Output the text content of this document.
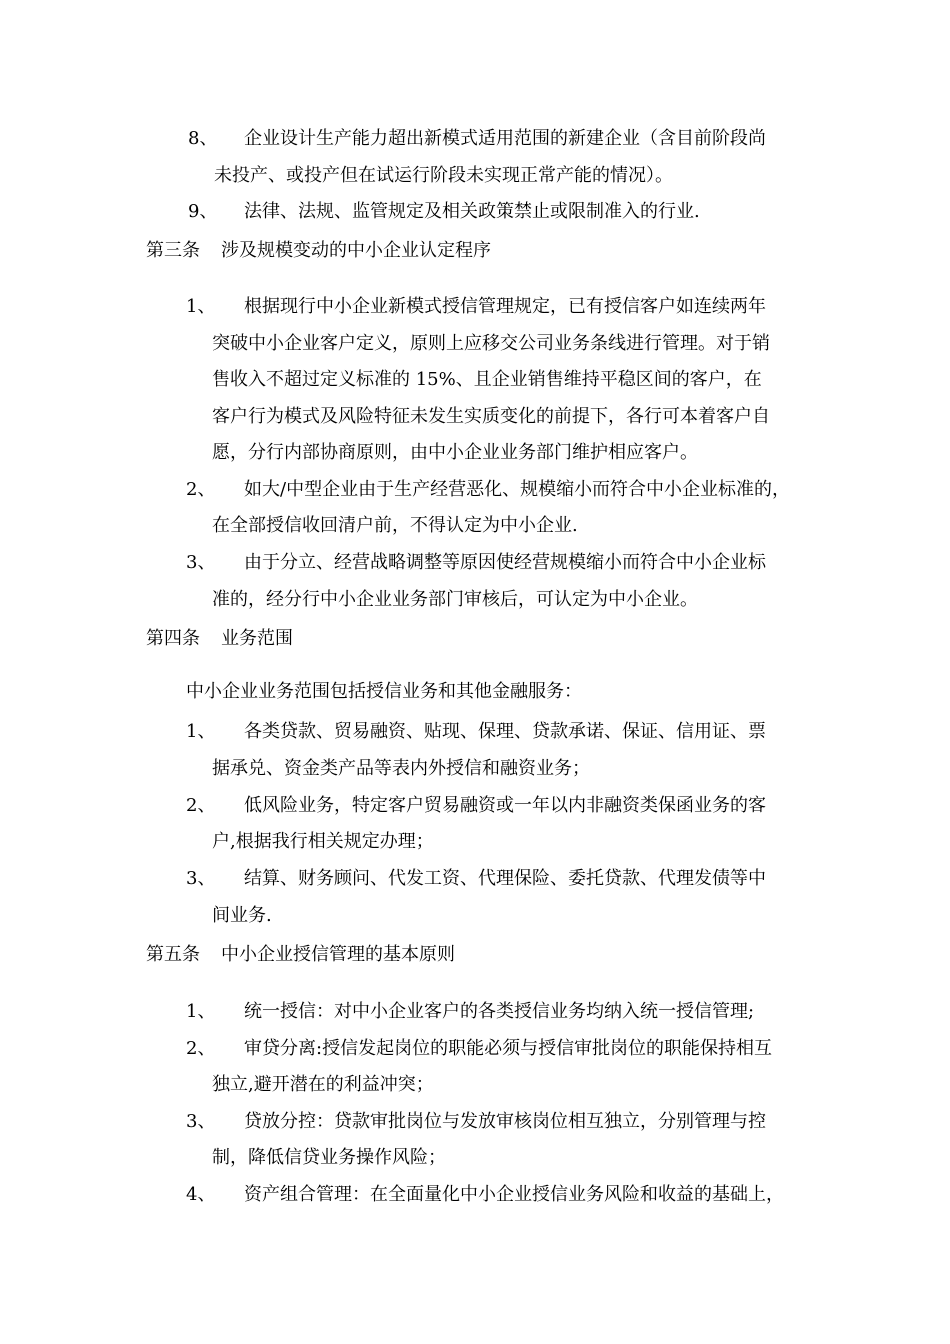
8、 企业设计生产能力超出新模式适用范围的新建企业（含目前阶段尚
未投产、或投产但在试运行阶段未实现正常产能的情况）。
9、 法律、法规、监管规定及相关政策禁止或限制准入的行业.
第三条 涉及规模变动的中小企业认定程序
1、 根据现行中小企业新模式授信管理规定，已有授信客户如连续两年
突破中小企业客户定义，原则上应移交公司业务条线进行管理。对于销
售收入不超过定义标准的 15%、且企业销售维持平稳区间的客户，在
客户行为模式及风险特征未发生实质变化的前提下，各行可本着客户自
愿，分行内部协商原则，由中小企业业务部门维护相应客户。
2、 如大/中型企业由于生产经营恶化、规模缩小而符合中小企业标准的，
在全部授信收回清户前，不得认定为中小企业.
3、 由于分立、经营战略调整等原因使经营规模缩小而符合中小企业标
准的，经分行中小企业业务部门审核后，可认定为中小企业。
第四条 业务范围
中小企业业务范围包括授信业务和其他金融服务：
1、 各类贷款、贸易融资、贴现、保理、贷款承诺、保证、信用证、票
据承兑、资金类产品等表内外授信和融资业务；
2、 低风险业务，特定客户贸易融资或一年以内非融资类保函业务的客
户,根据我行相关规定办理；
3、 结算、财务顾问、代发工资、代理保险、委托贷款、代理发债等中
间业务.
第五条 中小企业授信管理的基本原则
1、 统一授信：对中小企业客户的各类授信业务均纳入统一授信管理;
2、 审贷分离:授信发起岗位的职能必须与授信审批岗位的职能保持相互
独立,避开潜在的利益冲突；
3、 贷放分控：贷款审批岗位与发放审核岗位相互独立，分别管理与控
制，降低信贷业务操作风险；
4、 资产组合管理：在全面量化中小企业授信业务风险和收益的基础上，
